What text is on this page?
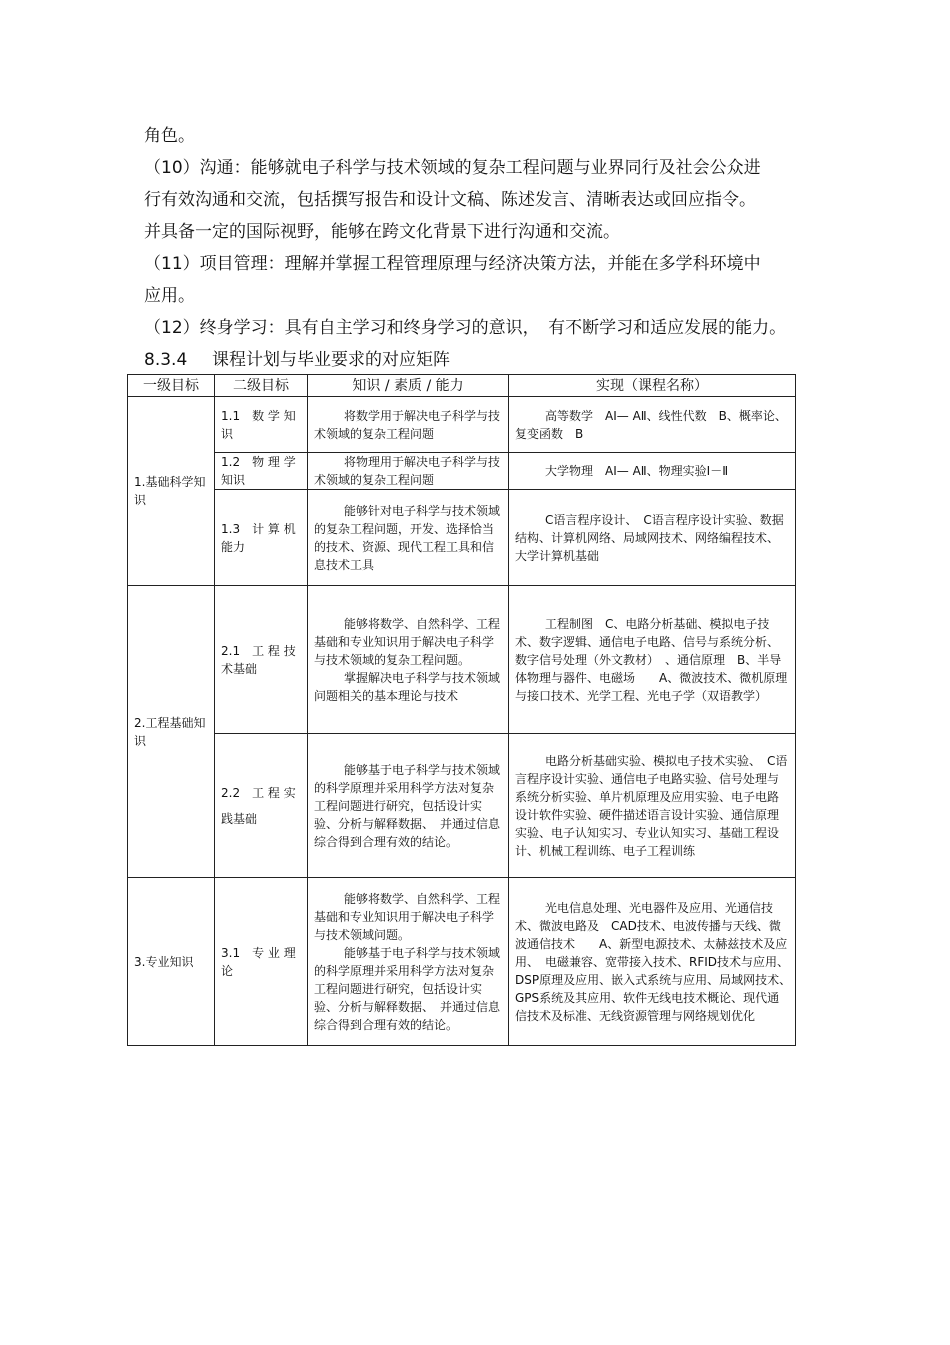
角色。
（10）沟通：能够就电子科学与技术领域的复杂工程问题与业界同行及社会公众进
行有效沟通和交流，包括撰写报告和设计文稿、陈述发言、清晰表达或回应指令。
并具备一定的国际视野，能够在跨文化背景下进行沟通和交流。
（11）项目管理：理解并掌握工程管理原理与经济决策方法，并能在多学科环境中
应用。
（12）终身学习：具有自主学习和终身学习的意识，　有不断学习和适应发展的能力。
8.3.4 课程计划与毕业要求的对应矩阵
一级目标	二级目标	知识 / 素质 / 能力	实现（课程名称）
1.基础科学知识	1.1　数 学 知识	将数学用于解决电子科学与技术领域的复杂工程问题	高等数学　AⅠ— AⅡ、线性代数　B、概率论、复变函数　B

	1.2　物 理 学知识	将物理用于解决电子科学与技术领域的复杂工程问题	大学物理　AⅠ— AⅡ、物理实验Ⅰ－Ⅱ

	1.3　计 算 机能力	能够针对电子科学与技术领域的复杂工程问题，开发、选择恰当的技术、资源、现代工程工具和信息技术工具	C语言程序设计、　C语言程序设计实验、数据结构、计算机网络、局域网技术、网络编程技术、大学计算机基础

2.工程基础知识	2.1　工 程 技术基础	能够将数学、自然科学、工程基础和专业知识用于解决电子科学与技术领域的复杂工程问题。
掌握解决电子科学与技术领域问题相关的基本理论与技术	工程制图　C、电路分析基础、模拟电子技术、数字逻辑、通信电子电路、信号与系统分析、数字信号处理（外文教材）　、通信原理　B、半导体物理与器件、电磁场　　A、微波技术、微机原理与接口技术、光学工程、光电子学（双语教学）

	2.2　工 程 实践基础	能够基于电子科学与技术领域的科学原理并采用科学方法对复杂工程问题进行研究，包括设计实验、分析与解释数据、　并通过信息综合得到合理有效的结论。	电路分析基础实验、模拟电子技术实验、　C语言程序设计实验、通信电子电路实验、信号处理与系统分析实验、单片机原理及应用实验、电子电路设计软件实验、硬件描述语言设计实验、通信原理实验、电子认知实习、专业认知实习、基础工程设计、机械工程训练、电子工程训练

3.专业知识	3.1　专 业 理论	能够将数学、自然科学、工程基础和专业知识用于解决电子科学与技术领域问题。
能够基于电子科学与技术领域的科学原理并采用科学方法对复杂工程问题进行研究，包括设计实验、分析与解释数据、　并通过信息综合得到合理有效的结论。	光电信息处理、光电器件及应用、光通信技术、微波电路及　CAD技术、电波传播与天线、微波通信技术　　A、新型电源技术、太赫兹技术及应用、　电磁兼容、宽带接入技术、RFID技术与应用、　DSP原理及应用、嵌入式系统与应用、局域网技术、　　GPS系统及其应用、软件无线电技术概论、现代通信技术及标准、无线资源管理与网络规划优化
